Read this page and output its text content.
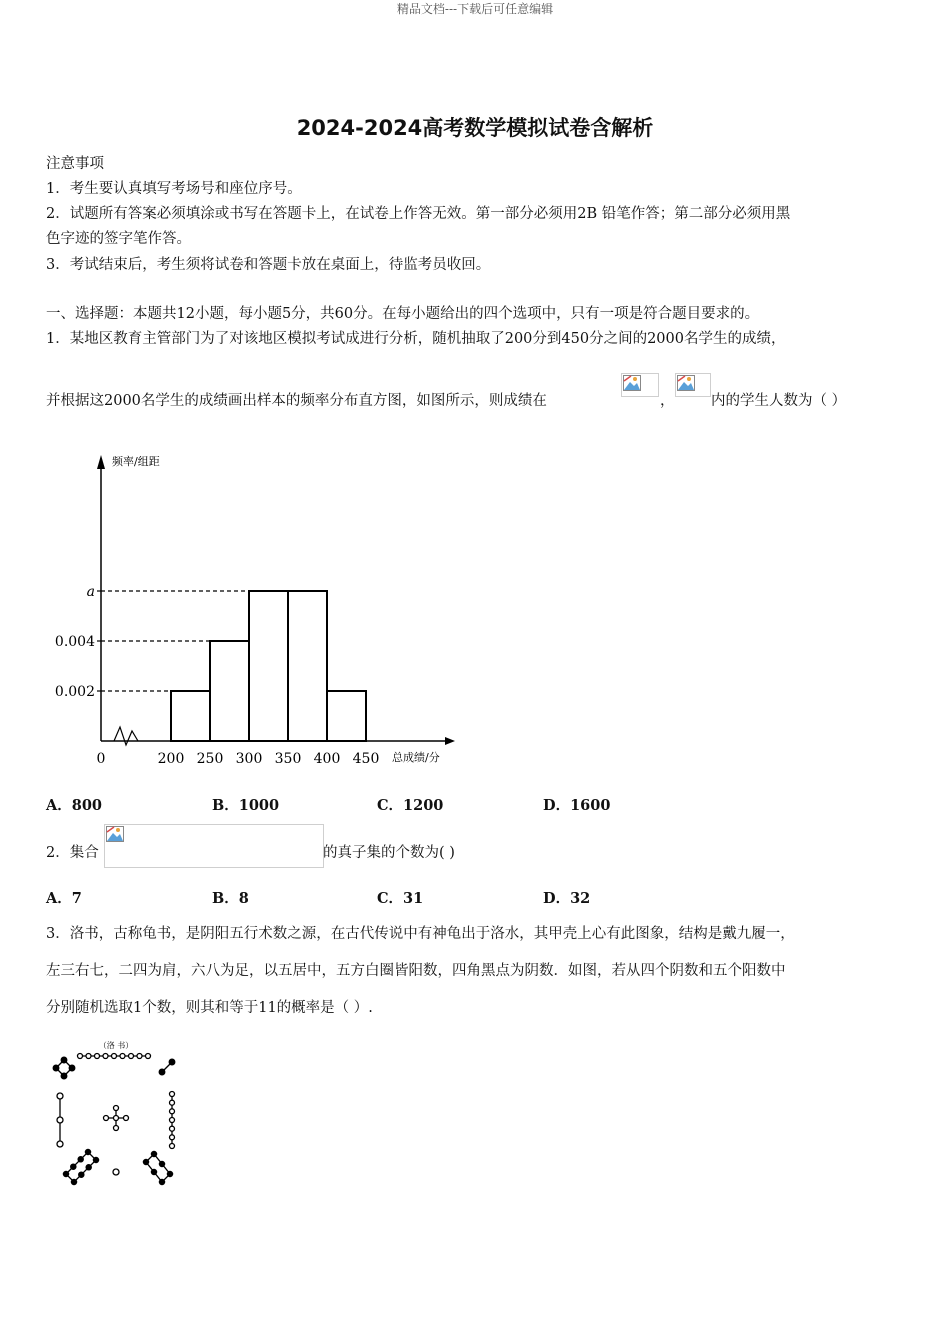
精品文档---下载后可任意编辑
2024-2024高考数学模拟试卷含解析
注意事项
1．考生要认真填写考场号和座位序号。
2．试题所有答案必须填涂或书写在答题卡上，在试卷上作答无效。第一部分必须用2B 铅笔作答；第二部分必须用黑
色字迹的签字笔作答。
3．考试结束后，考生须将试卷和答题卡放在桌面上，待监考员收回。
一、选择题：本题共12小题，每小题5分，共60分。在每小题给出的四个选项中，只有一项是符合题目要求的。
1．某地区教育主管部门为了对该地区模拟考试成进行分析，随机抽取了200分到450分之间的2000名学生的成绩，
并根据这2000名学生的成绩画出样本的频率分布直方图，如图所示，则成绩在	，	内的学生人数为（ ）
0.002
0.004
a
200 250 300 350 400 450
0
频率/组距
总成绩/分
A．800	B．1000	C．1200	D．1600
2．集合	的真子集的个数为( )
A．7	B．8	C．31	D．32
3．洛书，古称龟书，是阴阳五行术数之源，在古代传说中有神龟出于洛水，其甲壳上心有此图象，结构是戴九履一，
左三右七，二四为肩，六八为足，以五居中，五方白圈皆阳数，四角黑点为阴数．如图，若从四个阴数和五个阳数中
分别随机选取1个数，则其和等于11的概率是（ ）.
（洛 书）
